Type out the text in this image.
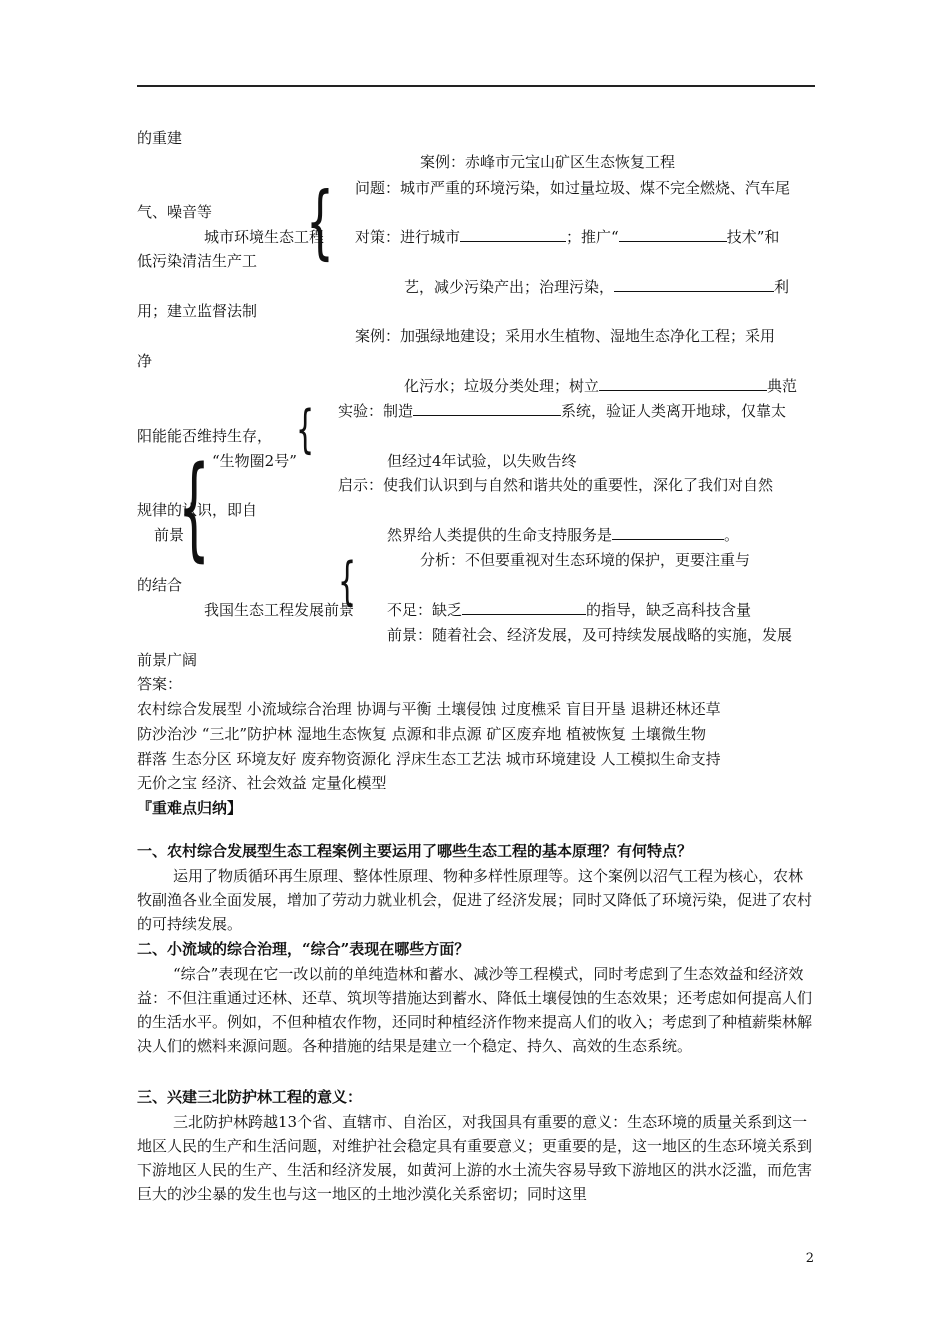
的重建
案例：赤峰市元宝山矿区生态恢复工程
{ 问题：城市严重的环境污染，如过量垃圾、煤不完全燃烧、汽车尾
气、噪音等
城市环境生态工程 对策：进行城市	；推广“	技术”和
低污染清洁生产工
艺，减少污染产出；治理污染，	利
用；建立监督法制
案例：加强绿地建设；采用水生植物、湿地生态净化工程；采用
净
化污水；垃圾分类处理；树立	典范
{ 实验：制造	系统，验证人类离开地球，仅靠太
阳能能否维持生存，
“生物圈2号”	但经过4年试验，以失败告终
{	启示：使我们认识到与自然和谐共处的重要性，深化了我们对自然
规律的认识，即自
前景	然界给人类提供的生命支持服务是	。
{	分析：不但要重视对生态环境的保护，更要注重与
的结合
我国生态工程发展前景 不足：缺乏	的指导，缺乏高科技含量
前景：随着社会、经济发展，及可持续发展战略的实施，发展
前景广阔
答案：
农村综合发展型 小流域综合治理 协调与平衡 土壤侵蚀 过度樵采 盲目开垦 退耕还林还草
防沙治沙 “三北”防护林 湿地生态恢复 点源和非点源 矿区废弃地 植被恢复 土壤微生物
群落 生态分区 环境友好 废弃物资源化 浮床生态工艺法 城市环境建设 人工模拟生命支持
无价之宝 经济、社会效益 定量化模型
『重难点归纳】
一、农村综合发展型生态工程案例主要运用了哪些生态工程的基本原理？有何特点？
运用了物质循环再生原理、整体性原理、物种多样性原理等。这个案例以沼气工程为核心，农林牧副渔各业全面发展，增加了劳动力就业机会，促进了经济发展；同时又降低了环境污染，促进了农村的可持续发展。
二、小流域的综合治理，“综合”表现在哪些方面？
“综合”表现在它一改以前的单纯造林和蓄水、减沙等工程模式，同时考虑到了生态效益和经济效益：不但注重通过还林、还草、筑坝等措施达到蓄水、降低土壤侵蚀的生态效果；还考虑如何提高人们的生活水平。例如，不但种植农作物，还同时种植经济作物来提高人们的收入；考虑到了种植薪柴林解决人们的燃料来源问题。各种措施的结果是建立一个稳定、持久、高效的生态系统。
三、兴建三北防护林工程的意义：
三北防护林跨越13个省、直辖市、自治区，对我国具有重要的意义：生态环境的质量关系到这一地区人民的生产和生活问题，对维护社会稳定具有重要意义；更重要的是，这一地区的生态环境关系到下游地区人民的生产、生活和经济发展，如黄河上游的水土流失容易导致下游地区的洪水泛滥，而危害巨大的沙尘暴的发生也与这一地区的土地沙漠化关系密切；同时这里
2
